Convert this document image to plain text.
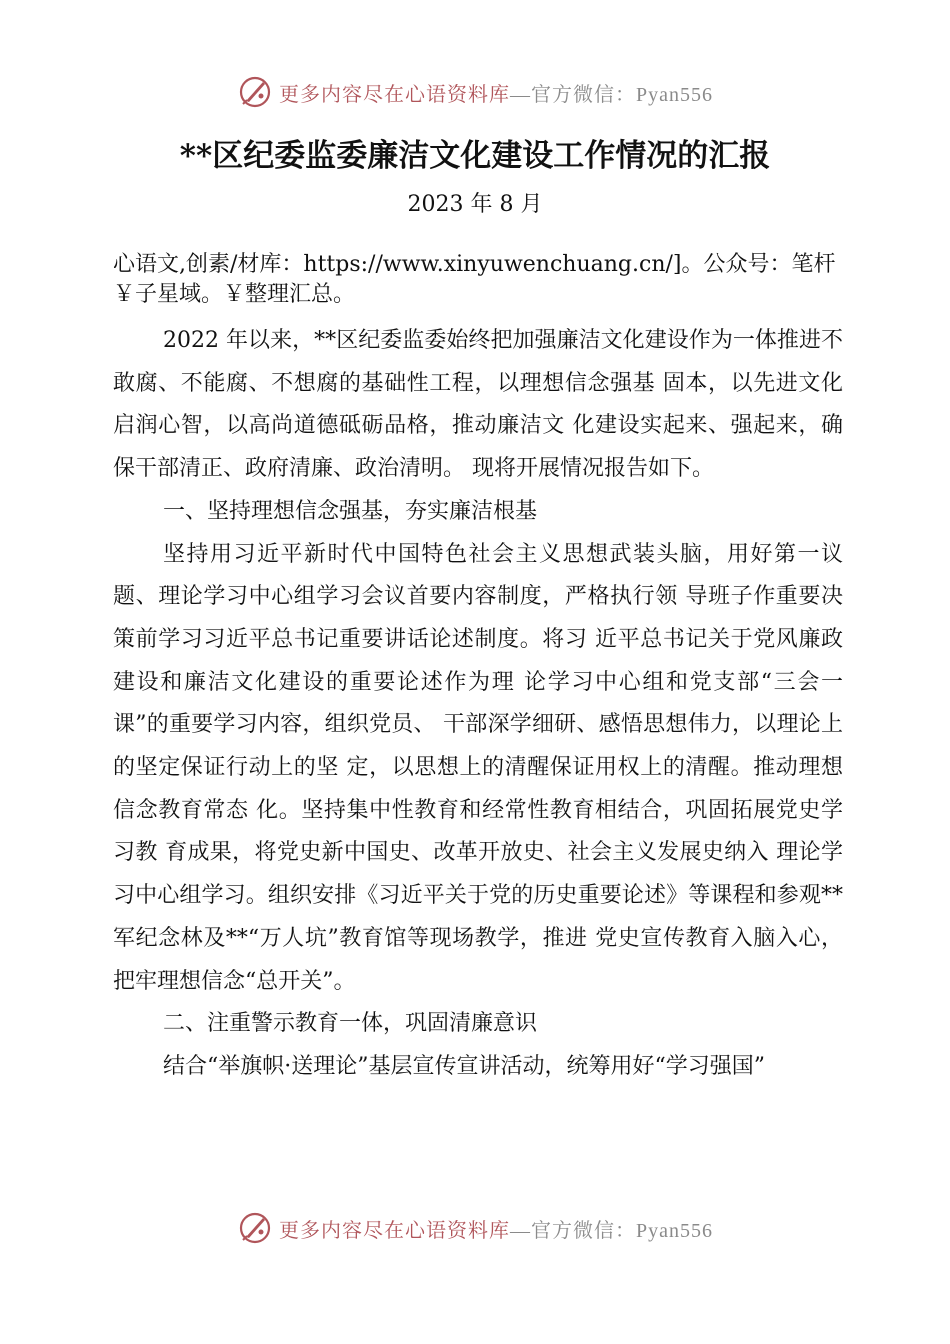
更多内容尽在心语资料库—官方微信：Pyan556
**区纪委监委廉洁文化建设工作情况的汇报
2023 年 8 月

心语文,创素/材库：https://www.xinyuwenchuang.cn/]。公众号：笔杆￥子星域。￥整理汇总。

2022 年以来，**区纪委监委始终把加强廉洁文化建设作为一体推进不敢腐、不能腐、不想腐的基础性工程，以理想信念强基 固本，以先进文化启润心智，以高尚道德砥砺品格，推动廉洁文 化建设实起来、强起来，确保干部清正、政府清廉、政治清明。 现将开展情况报告如下。

一、坚持理想信念强基，夯实廉洁根基

坚持用习近平新时代中国特色社会主义思想武装头脑，用好第一议题、理论学习中心组学习会议首要内容制度，严格执行领 导班子作重要决策前学习习近平总书记重要讲话论述制度。将习 近平总书记关于党风廉政建设和廉洁文化建设的重要论述作为理 论学习中心组和党支部“三会一课”的重要学习内容，组织党员、 干部深学细研、感悟思想伟力，以理论上的坚定保证行动上的坚 定，以思想上的清醒保证用权上的清醒。推动理想信念教育常态 化。坚持集中性教育和经常性教育相结合，巩固拓展党史学习教 育成果，将党史新中国史、改革开放史、社会主义发展史纳入 理论学习中心组学习。组织安排《习近平关于党的历史重要论述》等课程和参观**军纪念林及**“万人坑”教育馆等现场教学，推进 党史宣传教育入脑入心，把牢理想信念“总开关”。

二、注重警示教育一体，巩固清廉意识

结合“举旗帜·送理论”基层宣传宣讲活动，统筹用好“学习强国”

更多内容尽在心语资料库—官方微信：Pyan556
